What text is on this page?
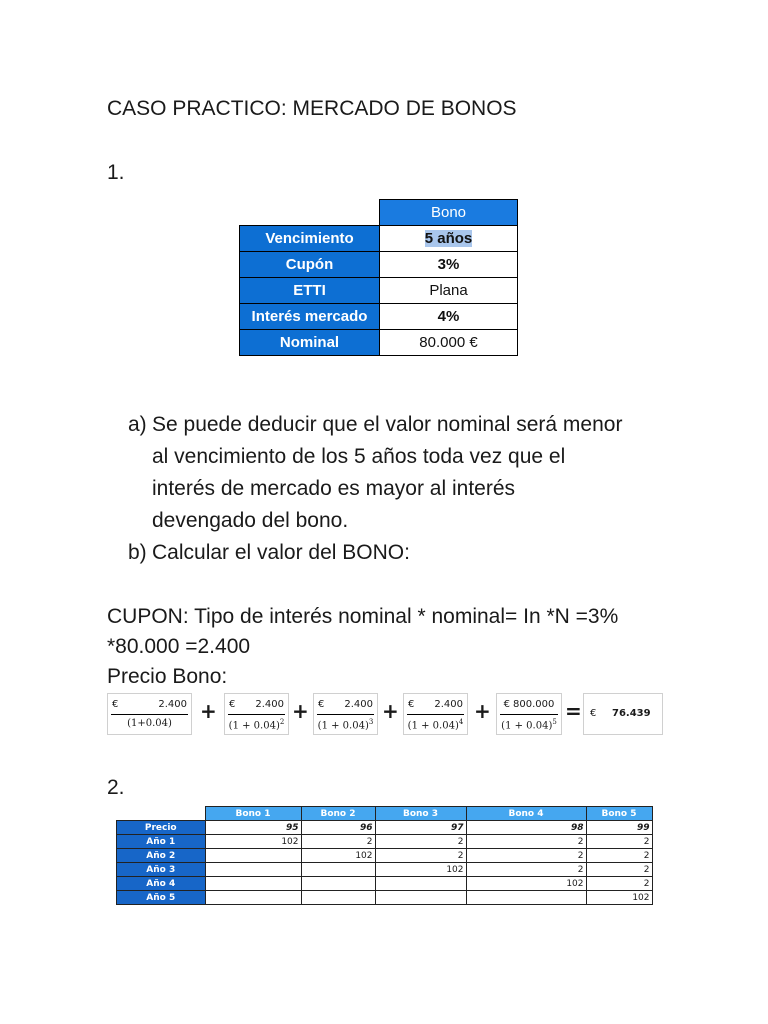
CASO PRACTICO: MERCADO DE BONOS
1.
	Bono
Vencimiento	5 años
Cupón	3%
ETTI	Plana
Interés mercado	4%
Nominal	80.000 €
a) Se puede deducir que el valor nominal será menor
al vencimiento de los 5 años toda vez que el
interés de mercado es mayor al interés
devengado del bono.
b) Calcular el valor del BONO:
CUPON: Tipo de interés nominal * nominal= In *N =3%
*80.000 =2.400
Precio Bono:
€	2.400
(1+0.04)
+ € 2.400
$(1 + 0.04)^2$ + € 2.400
$(1 + 0.04)^3$ + € 2.400
$(1 + 0.04)^4$ + € 800.000
$(1 + 0.04)^5$ = € 76.439
2.
	Bono 1	Bono 2	Bono 3	Bono 4	Bono 5
Precio	95	96	97	98	99
Año 1	102	2	2	2	2
Año 2		102	2	2	2
Año 3			102	2	2
Año 4				102	2
Año 5					102
